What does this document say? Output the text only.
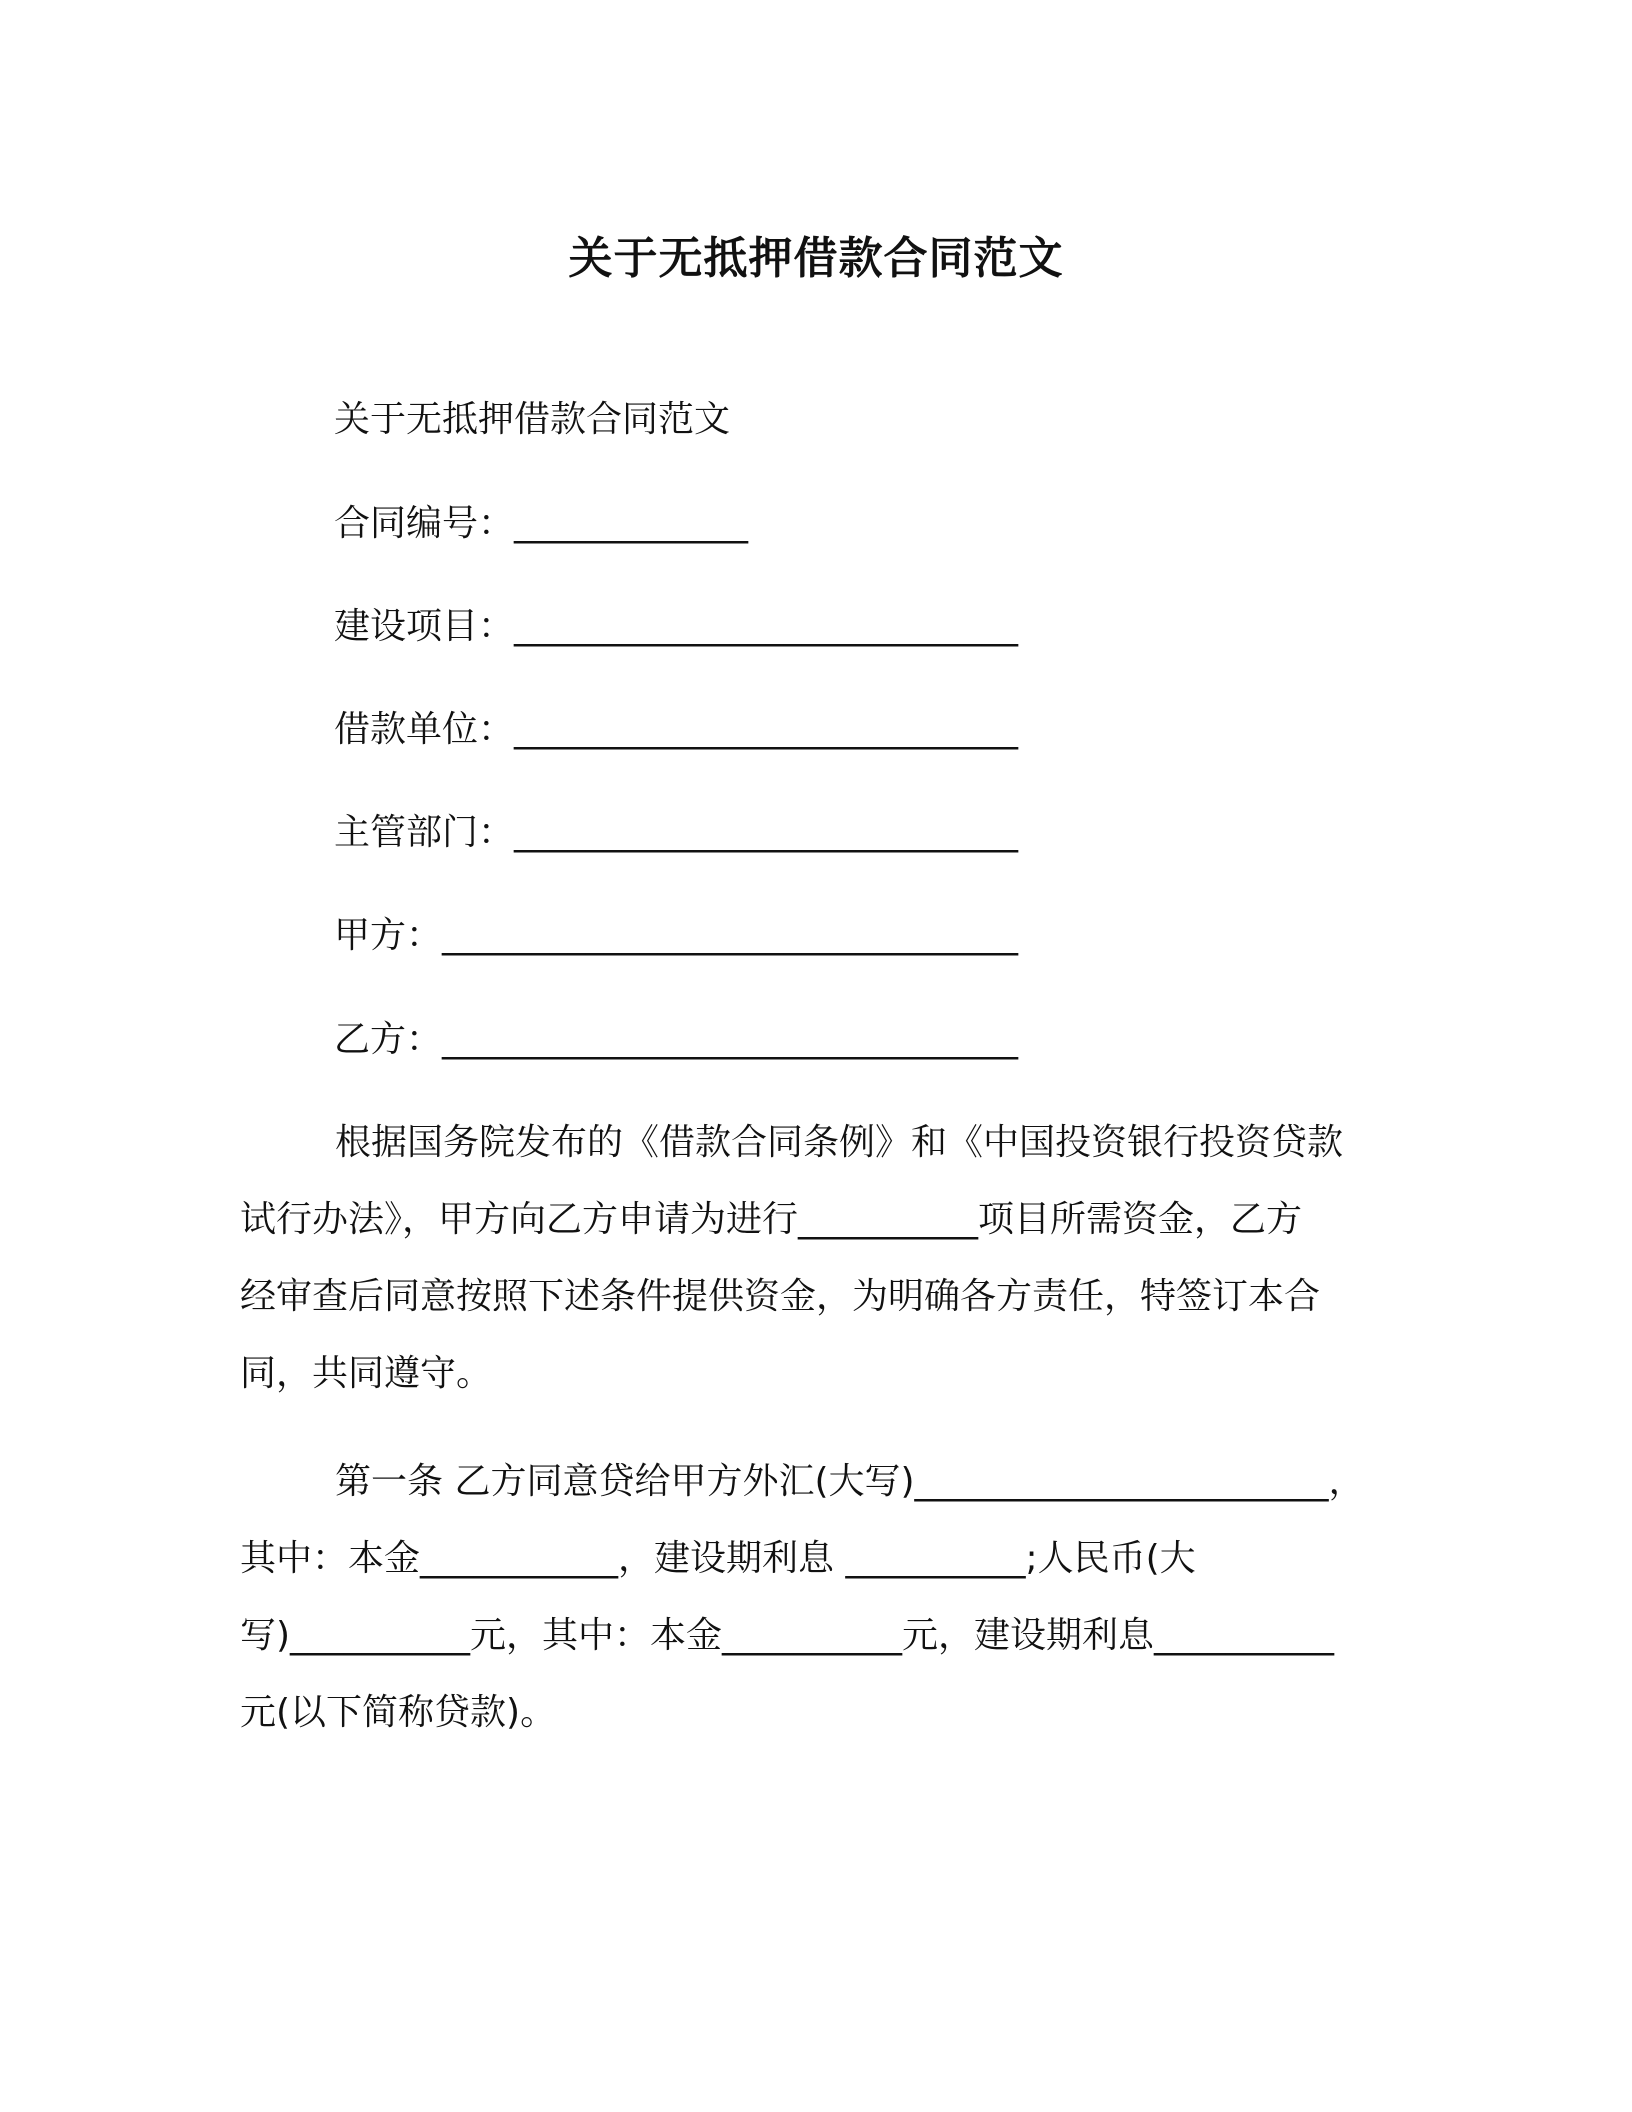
关于无抵押借款合同范文

关于无抵押借款合同范文

合同编号：_____________

建设项目：____________________________

借款单位：____________________________

主管部门：____________________________

甲方：________________________________

乙方：________________________________

根据国务院发布的《借款合同条例》和《中国投资银行投资贷款
试行办法》，甲方向乙方申请为进行__________项目所需资金，乙方
经审查后同意按照下述条件提供资金，为明确各方责任，特签订本合
同，共同遵守。
第一条 乙方同意贷给甲方外汇(大写)_______________________，
其中：本金___________，建设期利息 __________;人民币(大
写)__________元，其中：本金__________元，建设期利息__________
元(以下简称贷款)。
